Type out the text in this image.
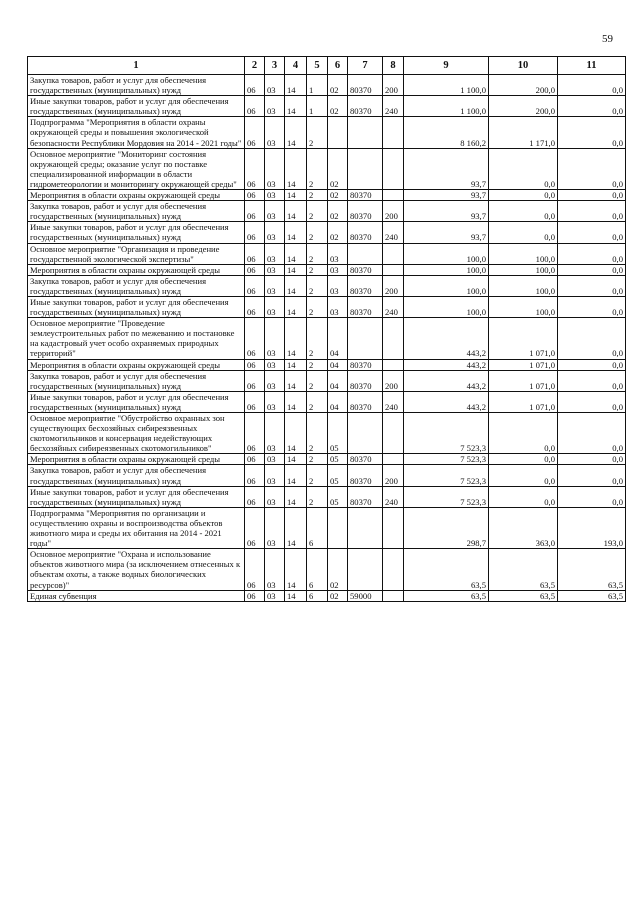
59
1	2	3	4	5	6	7	8	9	10	11
Закупка товаров, работ и услуг для обеспечения государственных (муниципальных) нужд	06	03	14	1	02	80370	200	1 100,0	200,0	0,0
Иные закупки товаров, работ и услуг для обеспечения государственных (муниципальных) нужд	06	03	14	1	02	80370	240	1 100,0	200,0	0,0
Подпрограмма "Мероприятия в области охраны окружающей среды и повышения экологической безопасности Республики Мордовия на 2014 - 2021 годы"	06	03	14	2				8 160,2	1 171,0	0,0
Основное мероприятие "Мониторинг состояния окружающей среды; оказание услуг по поставке специализированной информации в области гидрометеорологии и мониторингу окружающей среды"	06	03	14	2	02			93,7	0,0	0,0
Мероприятия в области охраны окружающей среды	06	03	14	2	02	80370		93,7	0,0	0,0
Закупка товаров, работ и услуг для обеспечения государственных (муниципальных) нужд	06	03	14	2	02	80370	200	93,7	0,0	0,0
Иные закупки товаров, работ и услуг для обеспечения государственных (муниципальных) нужд	06	03	14	2	02	80370	240	93,7	0,0	0,0
Основное мероприятие "Организация и проведение государственной экологической экспертизы"	06	03	14	2	03			100,0	100,0	0,0
Мероприятия в области охраны окружающей среды	06	03	14	2	03	80370		100,0	100,0	0,0
Закупка товаров, работ и услуг для обеспечения государственных (муниципальных) нужд	06	03	14	2	03	80370	200	100,0	100,0	0,0
Иные закупки товаров, работ и услуг для обеспечения государственных (муниципальных) нужд	06	03	14	2	03	80370	240	100,0	100,0	0,0
Основное мероприятие "Проведение землеустроительных работ по межеванию и постановке на кадастровый учет особо охраняемых природных территорий"	06	03	14	2	04			443,2	1 071,0	0,0
Мероприятия в области охраны окружающей среды	06	03	14	2	04	80370		443,2	1 071,0	0,0
Закупка товаров, работ и услуг для обеспечения государственных (муниципальных) нужд	06	03	14	2	04	80370	200	443,2	1 071,0	0,0
Иные закупки товаров, работ и услуг для обеспечения государственных (муниципальных) нужд	06	03	14	2	04	80370	240	443,2	1 071,0	0,0
Основное мероприятие "Обустройство охранных зон существующих бесхозяйных сибиреязвенных скотомогильников и консервация недействующих бесхозяйных сибиреязвенных скотомогильников"	06	03	14	2	05			7 523,3	0,0	0,0
Мероприятия в области охраны окружающей среды	06	03	14	2	05	80370		7 523,3	0,0	0,0
Закупка товаров, работ и услуг для обеспечения государственных (муниципальных) нужд	06	03	14	2	05	80370	200	7 523,3	0,0	0,0
Иные закупки товаров, работ и услуг для обеспечения государственных (муниципальных) нужд	06	03	14	2	05	80370	240	7 523,3	0,0	0,0
Подпрограмма "Мероприятия по организации и осуществлению охраны и воспроизводства объектов животного мира и среды их обитания на 2014 - 2021 годы"	06	03	14	6				298,7	363,0	193,0
Основное мероприятие "Охрана и использование объектов животного мира (за исключением отнесенных к объектам охоты, а также водных биологических ресурсов)"	06	03	14	6	02			63,5	63,5	63,5
Единая субвенция	06	03	14	6	02	59000		63,5	63,5	63,5
